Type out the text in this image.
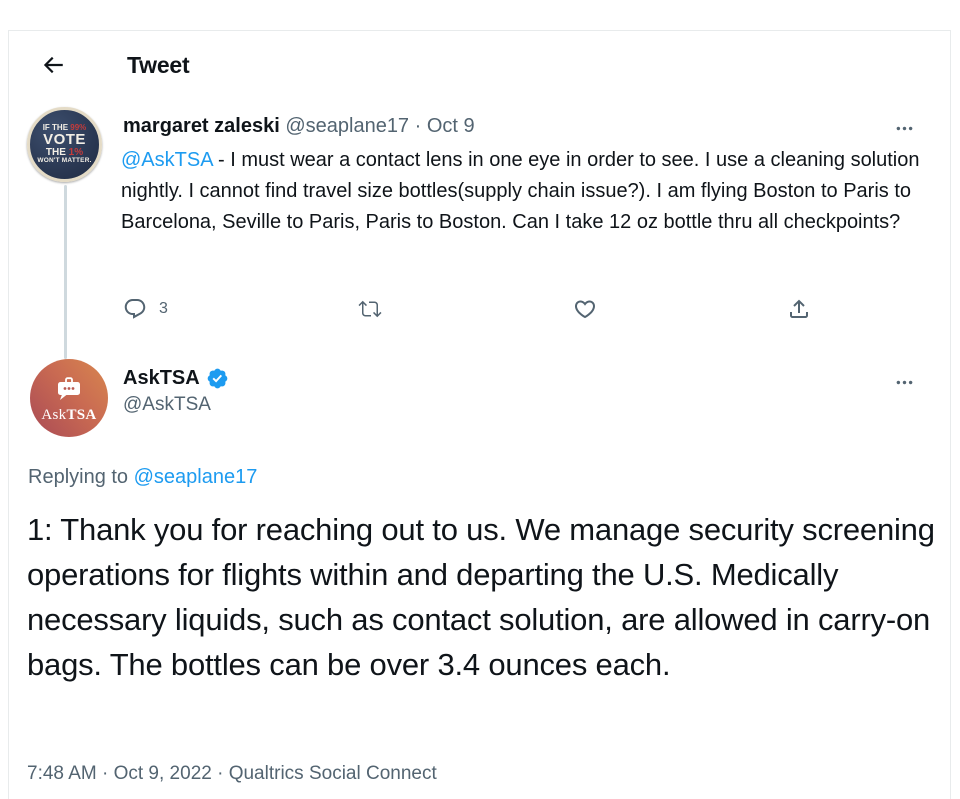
Tweet
IF THE 99%
VOTE
THE 1%
WON'T MATTER.
margaret zaleski @seaplane17 · Oct 9
@AskTSA - I must wear a contact lens in one eye in order to see. I use a cleaning solution nightly. I cannot find travel size bottles(supply chain issue?). I am flying Boston to Paris to Barcelona, Seville to Paris, Paris to Boston. Can I take 12 oz bottle thru all checkpoints?
3
AskTSA
AskTSA
@AskTSA
Replying to @seaplane17
1: Thank you for reaching out to us. We manage security screening operations for flights within and departing the U.S. Medically necessary liquids, such as contact solution, are allowed in carry-on bags. The bottles can be over 3.4 ounces each.
7:48 AM · Oct 9, 2022 · Qualtrics Social Connect
